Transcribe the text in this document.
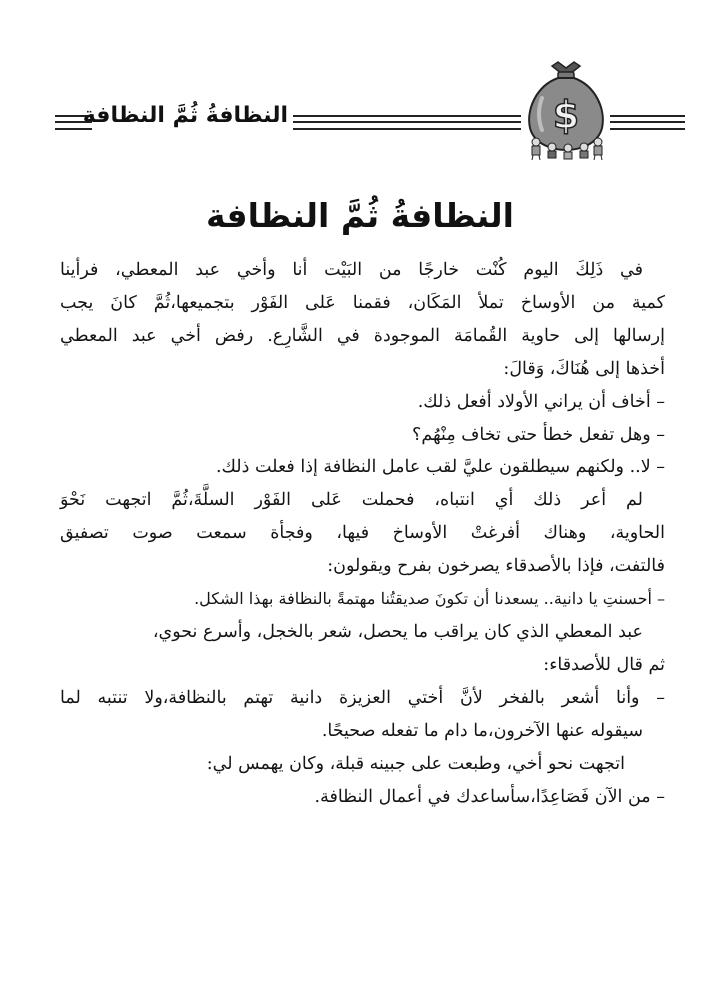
النظافةُ ثُمَّ النظافة	$
النظافةُ ثُمَّ النظافة
في ذَلِكَ اليوم كُنْت خارجًا من البَيْت أنا وأخي عبد المعطي، فرأينا
كمية من الأوساخ تملأ المَكَان، فقمنا عَلى الفَوْر بتجميعها،ثُمَّ كانَ يجب
إرسالها إلى حاوية القُمامَة الموجودة في الشَّارِع. رفض أخي عبد المعطي
أخذها إلى هُنَاكَ، وَقالَ:
– أخاف أن يراني الأولاد أفعل ذلك.
– وهل تفعل خطأ حتى تخاف مِنْهُم؟
– لا.. ولكنهم سيطلقون عليَّ لقب عامل النظافة إذا فعلت ذلك.
لم أعر ذلك أي انتباه، فحملت عَلى الفَوْر السلَّةَ،ثُمَّ اتجهت نَحْوَ
الحاوية، وهناك أفرغتْ الأوساخ فيها، وفجأة سمعت صوت تصفيق
فالتفت، فإذا بالأصدقاء يصرخون بفرح ويقولون:
– أحسنتِ يا دانية.. يسعدنا أن تكونَ صديقتُنا مهتمةً بالنظافة بهذا الشكل.
عبد المعطي الذي كان يراقب ما يحصل، شعر بالخجل، وأسرع نحوي،
ثم قال للأصدقاء:
– وأنا أشعر بالفخر لأنَّ أختي العزيزة دانية تهتم بالنظافة،ولا تنتبه لما
سيقوله عنها الآخرون،ما دام ما تفعله صحيحًا.
اتجهت نحو أخي، وطبعت على جبينه قبلة، وكان يهمس لي:
– من الآن فَصَاعِدًا،سأساعدك في أعمال النظافة.
